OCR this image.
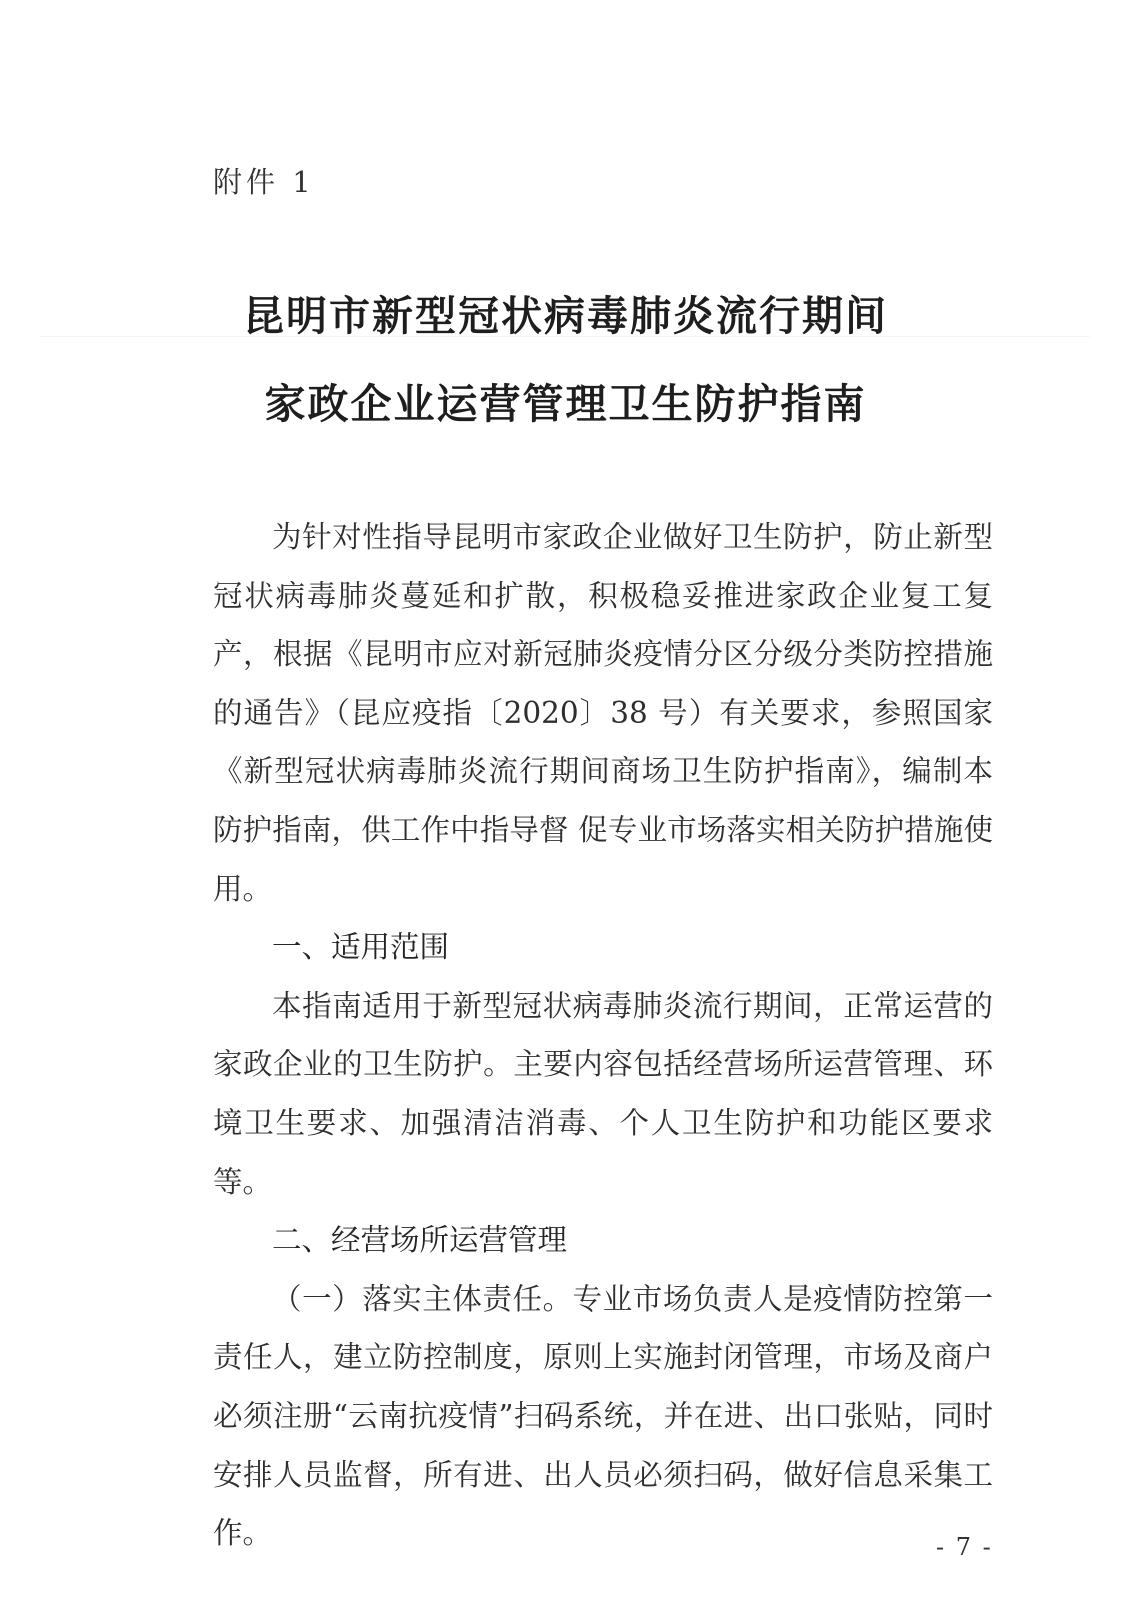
附件 1
昆明市新型冠状病毒肺炎流行期间
家政企业运营管理卫生防护指南

为针对性指导昆明市家政企业做好卫生防护，防止新型冠状病毒肺炎蔓延和扩散，积极稳妥推进家政企业复工复产，根据《昆明市应对新冠肺炎疫情分区分级分类防控措施的通告》（昆应疫指〔2020〕38 号）有关要求，参照国家《新型冠状病毒肺炎流行期间商场卫生防护指南》，编制本防护指南，供工作中指导督 促专业市场落实相关防护措施使用。

一、适用范围

本指南适用于新型冠状病毒肺炎流行期间，正常运营的家政企业的卫生防护。主要内容包括经营场所运营管理、环境卫生要求、加强清洁消毒、个人卫生防护和功能区要求等。

二、经营场所运营管理

（一）落实主体责任。专业市场负责人是疫情防控第一责任人，建立防控制度，原则上实施封闭管理，市场及商户必须注册“云南抗疫情”扫码系统，并在进、出口张贴，同时安排人员监督，所有进、出人员必须扫码，做好信息采集工作。	- 7 -
